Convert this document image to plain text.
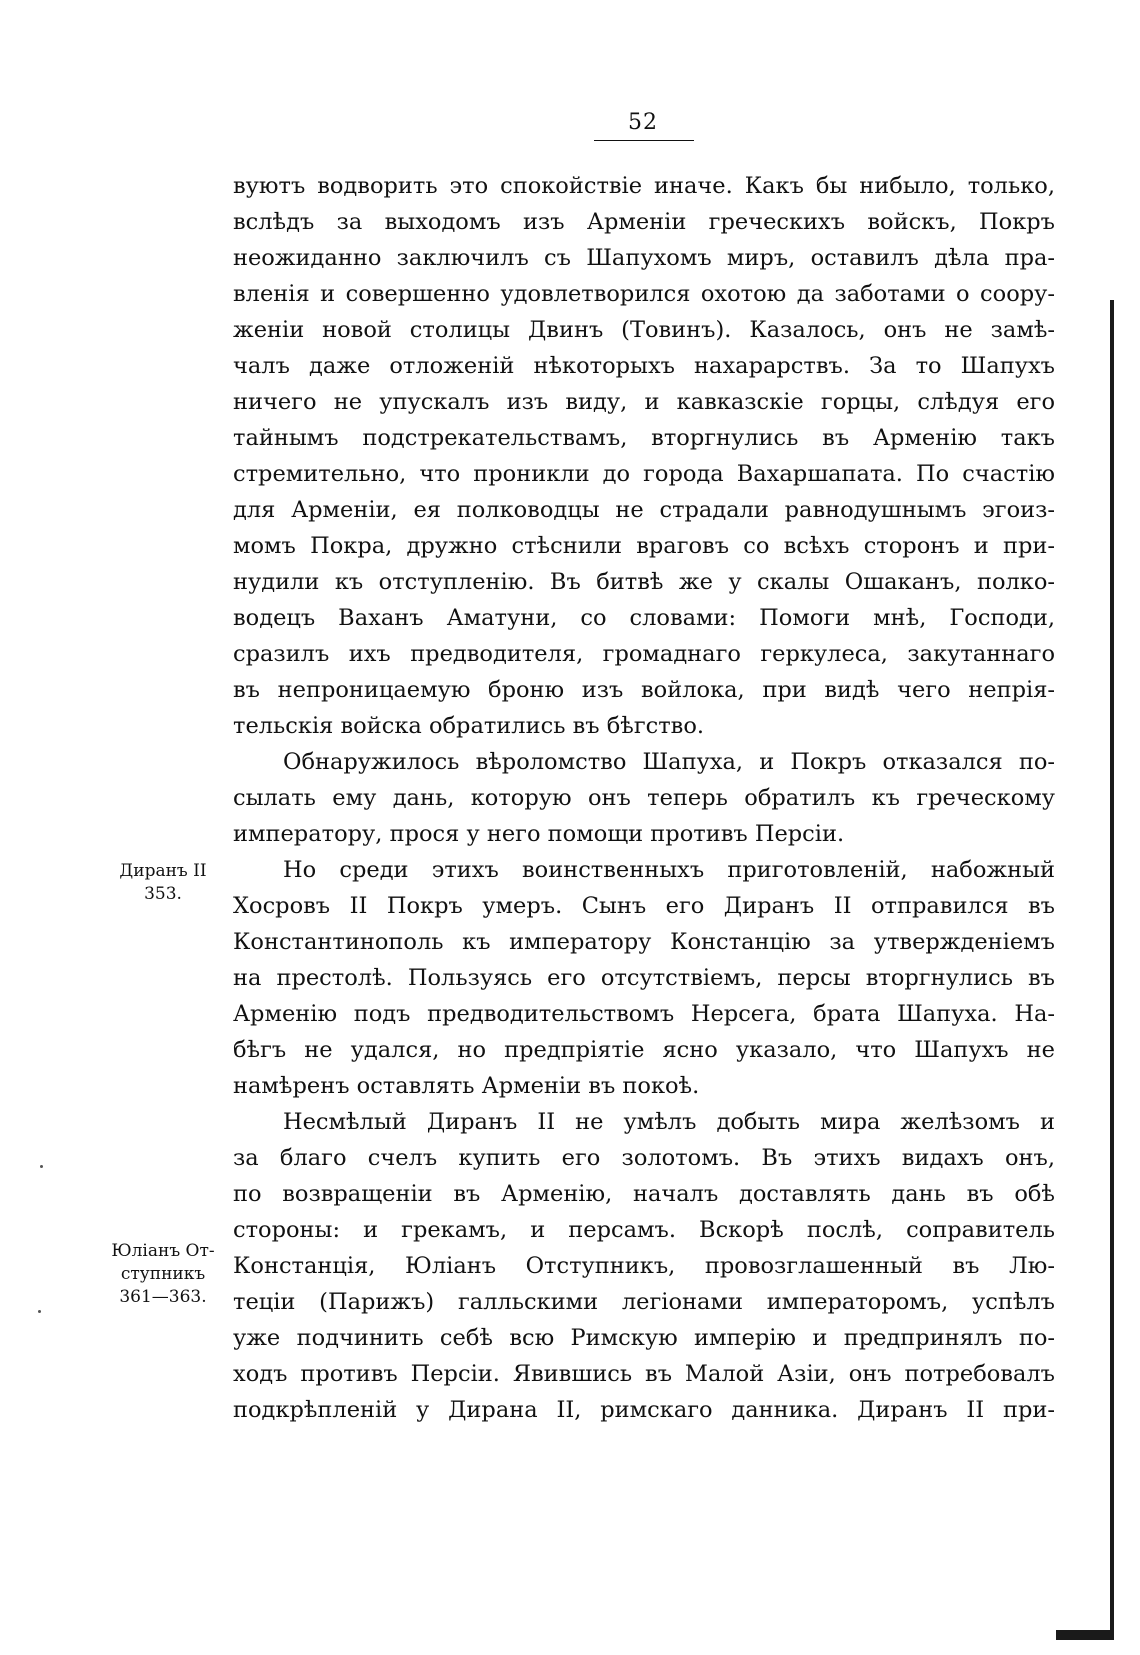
52
вуютъ водворить это спокойствіе иначе. Какъ бы нибыло, только,
вслѣдъ за выходомъ изъ Арменіи греческихъ войскъ, Покръ
неожиданно заключилъ съ Шапухомъ миръ, оставилъ дѣла пра-
вленія и совершенно удовлетворился охотою да заботами о соору-
женіи новой столицы Двинъ (Товинъ). Казалось, онъ не замѣ-
чалъ даже отложеній нѣкоторыхъ нахарарствъ. За то Шапухъ
ничего не упускалъ изъ виду, и кавказскіе горцы, слѣдуя его
тайнымъ подстрекательствамъ, вторгнулись въ Арменію такъ
стремительно, что проникли до города Вахаршапата. По счастію
для Арменіи, ея полководцы не страдали равнодушнымъ эгоиз-
момъ Покра, дружно стѣснили враговъ со всѣхъ сторонъ и при-
нудили къ отступленію. Въ битвѣ же у скалы Ошаканъ, полко-
водецъ Ваханъ Аматуни, со словами: Помоги мнѣ, Господи,
сразилъ ихъ предводителя, громаднаго геркулеса, закутаннаго
въ непроницаемую броню изъ войлока, при видѣ чего непрія-
тельскія войска обратились въ бѣгство.
Обнаружилось вѣроломство Шапуха, и Покръ отказался по-
сылать ему дань, которую онъ теперь обратилъ къ греческому
императору, прося у него помощи противъ Персіи.
Но среди этихъ воинственныхъ приготовленій, набожный
Хосровъ II Покръ умеръ. Сынъ его Диранъ II отправился въ
Константинополь къ императору Констанцію за утвержденіемъ
на престолѣ. Пользуясь его отсутствіемъ, персы вторгнулись въ
Арменію подъ предводительствомъ Нерсега, брата Шапуха. На-
бѣгъ не удался, но предпріятіе ясно указало, что Шапухъ не
намѣренъ оставлять Арменіи въ покоѣ.
Несмѣлый Диранъ II не умѣлъ добыть мира желѣзомъ и
за благо счелъ купить его золотомъ. Въ этихъ видахъ онъ,
по возвращеніи въ Арменію, началъ доставлять дань въ обѣ
стороны: и грекамъ, и персамъ. Вскорѣ послѣ, соправитель
Констанція, Юліанъ Отступникъ, провозглашенный въ Лю-
теціи (Парижъ) галльскими легіонами императоромъ, успѣлъ
уже подчинить себѣ всю Римскую имперію и предпринялъ по-
ходъ противъ Персіи. Явившись въ Малой Азіи, онъ потребовалъ
подкрѣпленій у Дирана II, римскаго данника. Диранъ II при-
Диранъ II
353.
Юліанъ От-
ступникъ
361—363.
